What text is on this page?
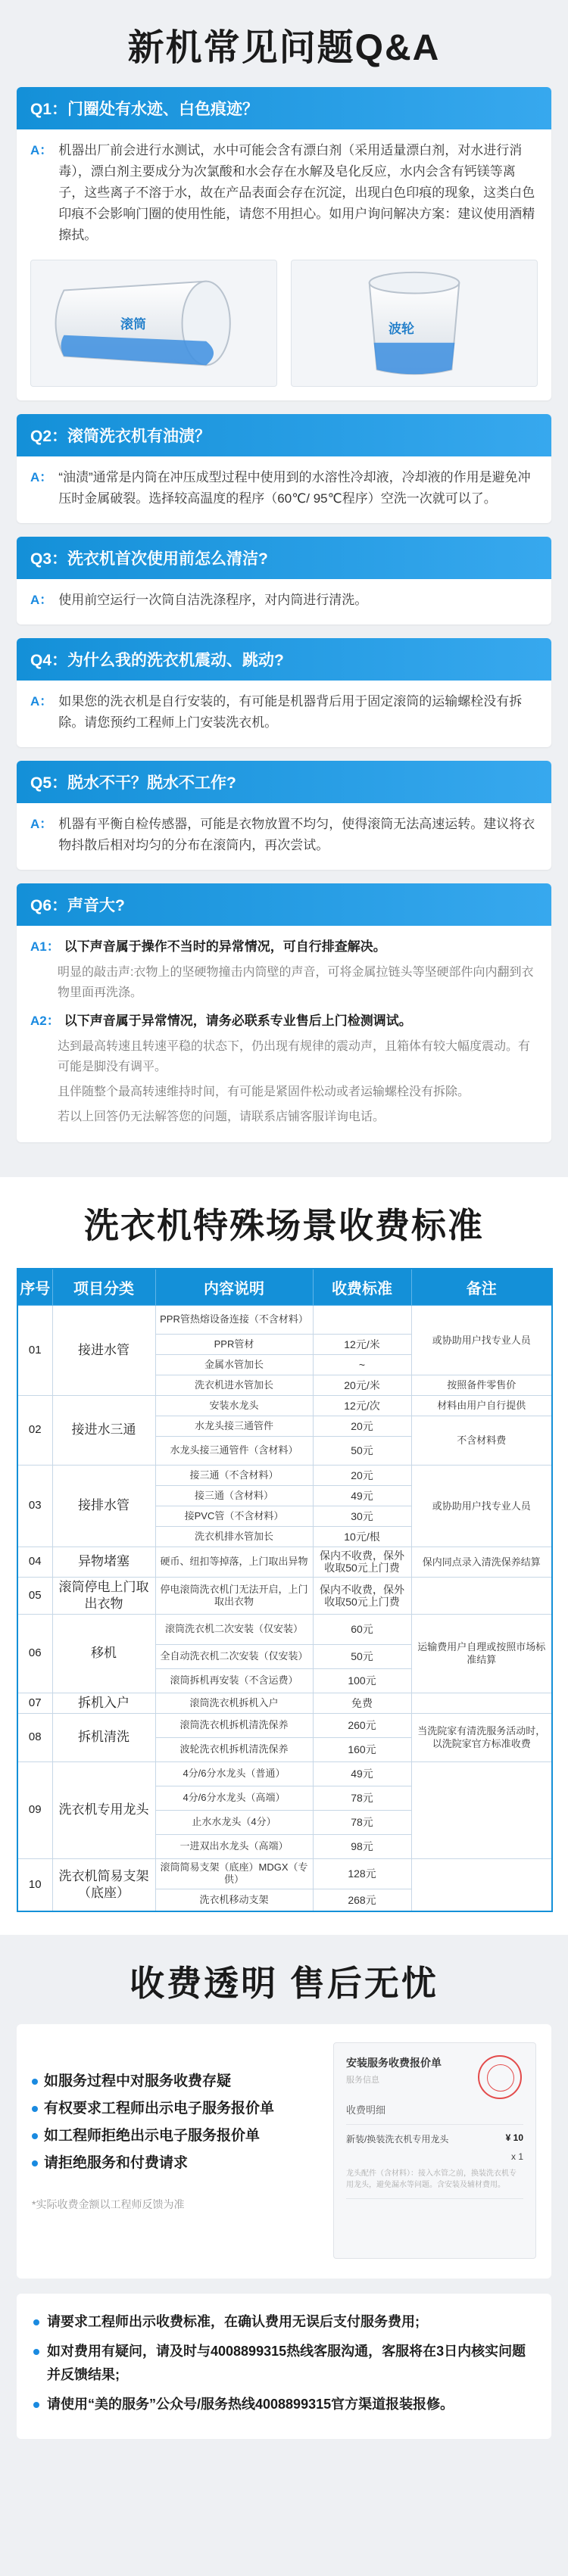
新机常见问题Q&A
Q1：门圈处有水迹、白色痕迹？
A： 机器出厂前会进行水测试，水中可能会含有漂白剂（采用适量漂白剂，对水进行消毒），漂白剂主要成分为次氯酸和水会存在水解及皂化反应，水内会含有钙镁等离子，这些离子不溶于水，故在产品表面会存在沉淀，出现白色印痕的现象，这类白色印痕不会影响门圈的使用性能，请您不用担心。如用户询问解决方案：建议使用酒精擦拭。
滚筒	波轮
Q2：滚筒洗衣机有油渍？
A： “油渍”通常是内筒在冲压成型过程中使用到的水溶性冷却液，冷却液的作用是避免冲压时金属破裂。选择较高温度的程序（60℃/ 95℃程序）空洗一次就可以了。
Q3：洗衣机首次使用前怎么清洁?
A： 使用前空运行一次筒自洁洗涤程序，对内筒进行清洗。
Q4：为什么我的洗衣机震动、跳动?
A： 如果您的洗衣机是自行安装的，有可能是机器背后用于固定滚筒的运输螺栓没有拆除。请您预约工程师上门安装洗衣机。
Q5：脱水不干？脱水不工作?
A： 机器有平衡自检传感器，可能是衣物放置不均匀，使得滚筒无法高速运转。建议将衣物抖散后相对均匀的分布在滚筒内，再次尝试。
Q6：声音大?
A1： 以下声音属于操作不当时的异常情况，可自行排查解决。
明显的敲击声:衣物上的坚硬物撞击内筒壁的声音，可将金属拉链头等坚硬部件向内翻到衣物里面再洗涤。
A2： 以下声音属于异常情况，请务必联系专业售后上门检测调试。
达到最高转速且转速平稳的状态下，仍出现有规律的震动声，且箱体有较大幅度震动。有可能是脚没有调平。
且伴随整个最高转速维持时间，有可能是紧固件松动或者运输螺栓没有拆除。
若以上回答仍无法解答您的问题，请联系店铺客服详询电话。
洗衣机特殊场景收费标准
序号	项目分类	内容说明	收费标准	备注
01	接进水管	PPR管热熔设备连接（不含材料）		或协助用户找专业人员
		PPR管材	12元/米	
		金属水管加长	~	
		洗衣机进水管加长	20元/米	按照备件零售价
02	接进水三通	安装水龙头	12元/次	材料由用户自行提供
		水龙头接三通管件	20元	不含材料费
		水龙头接三通管件（含材料）	50元	
03	接排水管	接三通（不含材料）	20元	或协助用户找专业人员
		接三通（含材料）	49元	
		接PVC管（不含材料）	30元	
		洗衣机排水管加长	10元/根	
04	异物堵塞	硬币、纽扣等掉落，上门取出异物	保内不收费，保外收取50元上门费	保内同点录入清洗保养结算
05	滚筒停电上门取出衣物	停电滚筒洗衣机门无法开启，上门取出衣物	保内不收费，保外收取50元上门费	
06	移机	滚筒洗衣机二次安装（仅安装）	60元	运输费用户自理或按照市场标准结算
		全自动洗衣机二次安装（仅安装）	50元	
		滚筒拆机再安装（不含运费）	100元	
07	拆机入户	滚筒洗衣机拆机入户	免费	
08	拆机清洗	滚筒洗衣机拆机清洗保养	260元	当洗院家有清洗服务活动时，以洗院家官方标准收费
		波轮洗衣机拆机清洗保养	160元	
09	洗衣机专用龙头	4分/6分水龙头（普通）	49元	
		4分/6分水龙头（高端）	78元	
		止水水龙头（4分）	78元	
		一进双出水龙头（高端）	98元	
10	洗衣机简易支架（底座）	滚筒简易支架（底座）MDGX（专供）	128元	
		洗衣机移动支架	268元	
收费透明 售后无忧
如服务过程中对服务收费存疑
有权要求工程师出示电子服务报价单
如工程师拒绝出示电子服务报价单
请拒绝服务和付费请求
*实际收费金额以工程师反馈为准
安装服务收费报价单
服务信息
收费明细
新装/换装洗衣机专用龙头	¥ 10
x 1
龙头配件（含材料）：接入水管之前，换装洗衣机专用龙头，避免漏水等问题。含安装及辅材费用。
请要求工程师出示收费标准，在确认费用无误后支付服务费用;
如对费用有疑问，请及时与4008899315热线客服沟通，客服将在3日内核实问题并反馈结果;
请使用“美的服务”公众号/服务热线4008899315官方渠道报装报修。
